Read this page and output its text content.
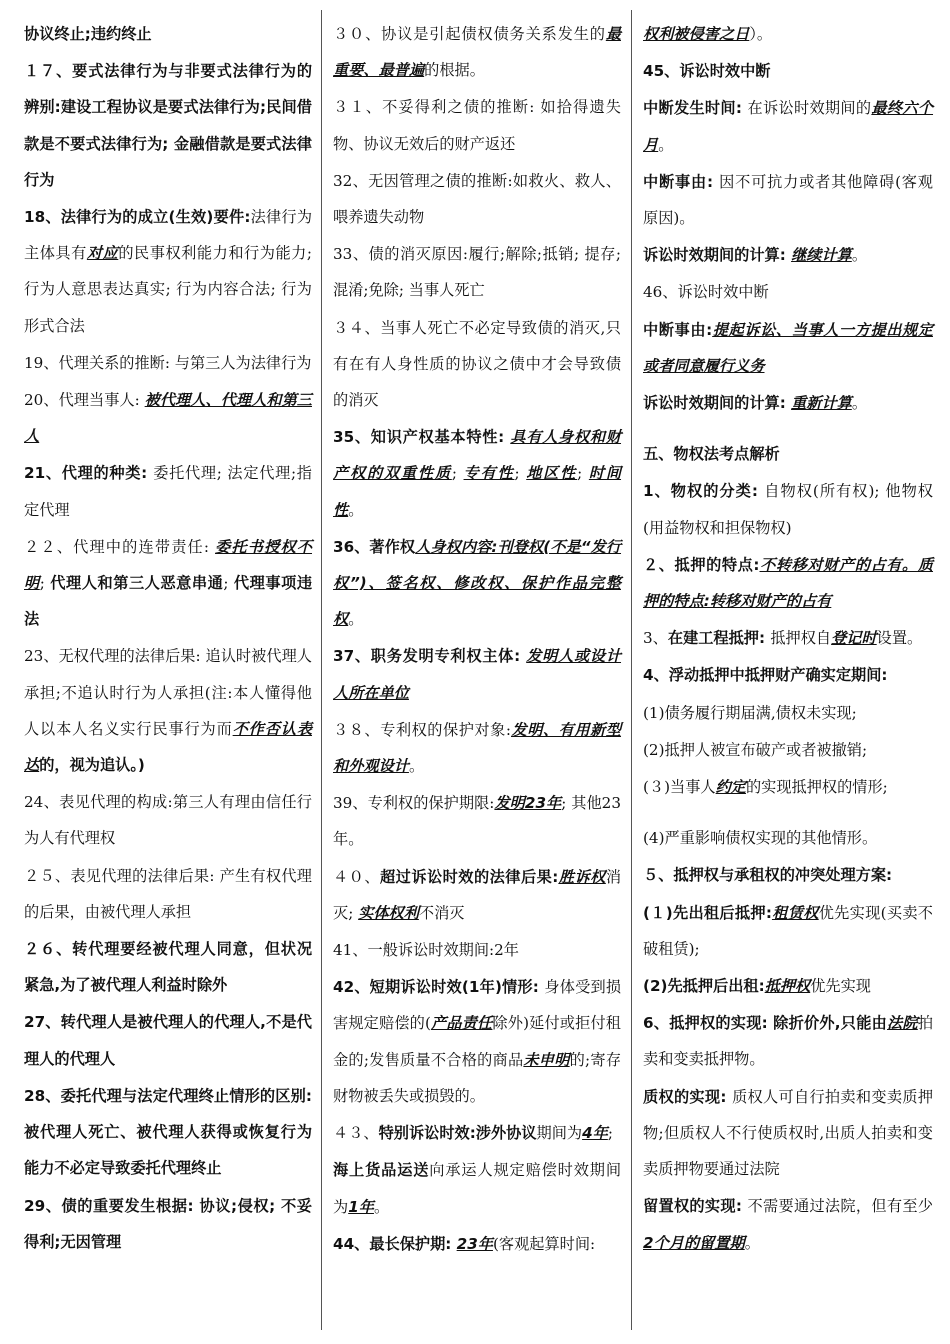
协议终止;违约终止

１７、要式法律行为与非要式法律行为的辨别:建设工程协议是要式法律行为;民间借款是不要式法律行为; 金融借款是要式法律行为

18、法律行为的成立(生效)要件:法律行为主体具有对应的民事权利能力和行为能力; 行为人意思表达真实; 行为内容合法; 行为形式合法

19、代理关系的推断: 与第三人为法律行为

20、代理当事人: 被代理人、代理人和第三人

21、代理的种类: 委托代理; 法定代理;指定代理

２２、代理中的连带责任: 委托书授权不明; 代理人和第三人恶意串通; 代理事项违法

23、无权代理的法律后果: 追认时被代理人承担;不追认时行为人承担(注:本人懂得他人以本人名义实行民事行为而不作否认表达的，视为追认。)

24、表见代理的构成:第三人有理由信任行为人有代理权

２５、表见代理的法律后果: 产生有权代理的后果，由被代理人承担

２６、转代理要经被代理人同意，但状况紧急,为了被代理人利益时除外

27、转代理人是被代理人的代理人,不是代理人的代理人

28、委托代理与法定代理终止情形的区别: 被代理人死亡、被代理人获得或恢复行为能力不必定导致委托代理终止

29、债的重要发生根据: 协议;侵权; 不妥得利;无因管理

３０、协议是引起债权债务关系发生的最重要、最普遍的根据。

３１、不妥得利之债的推断: 如拾得遗失物、协议无效后的财产返还

32、无因管理之债的推断:如救火、救人、喂养遗失动物

33、债的消灭原因:履行;解除;抵销; 提存; 混淆;免除; 当事人死亡

３４、当事人死亡不必定导致债的消灭,只有在有人身性质的协议之债中才会导致债的消灭

35、知识产权基本特性: 具有人身权和财产权的双重性质; 专有性; 地区性; 时间性。

36、著作权人身权内容:刊登权(不是“发行权”)、签名权、修改权、保护作品完整权。

37、职务发明专利权主体: 发明人或设计人所在单位

３８、专利权的保护对象:发明、有用新型和外观设计。

39、专利权的保护期限:发明23年; 其他23年。

４０、超过诉讼时效的法律后果:胜诉权消灭; 实体权利不消灭

41、一般诉讼时效期间:2年

42、短期诉讼时效(1年)情形: 身体受到损害规定赔偿的(产品责任除外)延付或拒付租金的;发售质量不合格的商品未申明的;寄存财物被丢失或损毁的。

４３、特别诉讼时效:涉外协议期间为4年;

海上货品运送向承运人规定赔偿时效期间为1年。

44、最长保护期: 23年(客观起算时间:

权利被侵害之日）。

45、诉讼时效中断

中断发生时间: 在诉讼时效期间的最终六个月。

中断事由: 因不可抗力或者其他障碍(客观原因)。

诉讼时效期间的计算: 继续计算。

46、诉讼时效中断

中断事由:提起诉讼、当事人一方提出规定或者同意履行义务

诉讼时效期间的计算: 重新计算。

五、物权法考点解析

1、物权的分类: 自物权(所有权); 他物权(用益物权和担保物权)

２、抵押的特点:不转移对财产的占有。质押的特点:转移对财产的占有

3、在建工程抵押: 抵押权自登记时设置。

4、浮动抵押中抵押财产确实定期间:

(1)债务履行期届满,债权未实现;

(2)抵押人被宣布破产或者被撤销;

(３)当事人约定的实现抵押权的情形;

(4)严重影响债权实现的其他情形。

５、抵押权与承租权的冲突处理方案:

(１)先出租后抵押:租赁权优先实现(买卖不破租赁);

(2)先抵押后出租:抵押权优先实现

6、抵押权的实现: 除折价外,只能由法院拍卖和变卖抵押物。

质权的实现: 质权人可自行拍卖和变卖质押物;但质权人不行使质权时,出质人拍卖和变卖质押物要通过法院

留置权的实现: 不需要通过法院，但有至少 2个月的留置期。
